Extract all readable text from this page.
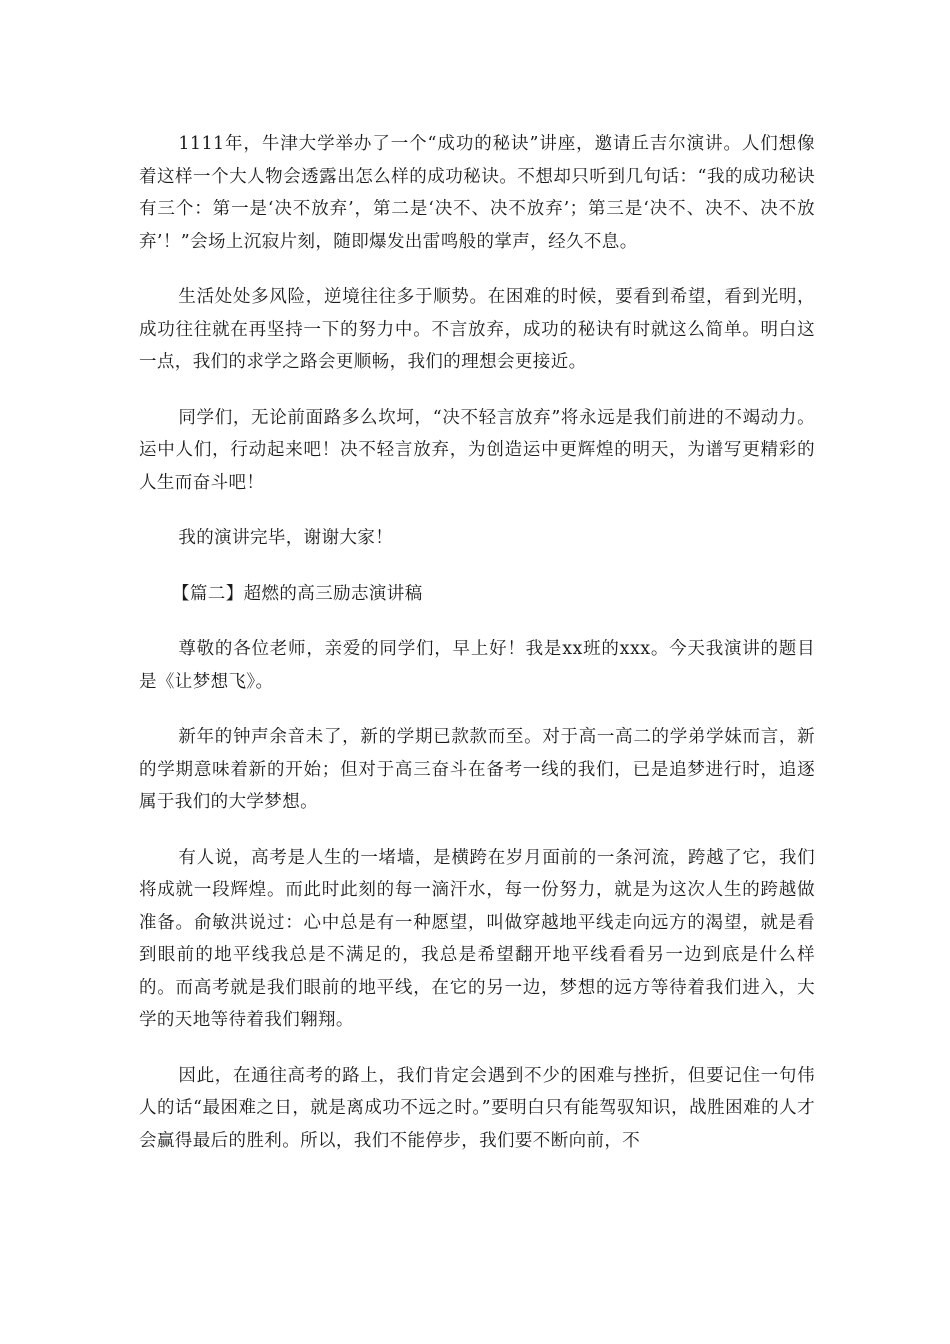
1111年，牛津大学举办了一个“成功的秘诀”讲座，邀请丘吉尔演讲。人们想像着这样一个大人物会透露出怎么样的成功秘诀。不想却只听到几句话：“我的成功秘诀有三个：第一是‘决不放弃’，第二是‘决不、决不放弃’；第三是‘决不、决不、决不放弃’！”会场上沉寂片刻，随即爆发出雷鸣般的掌声，经久不息。

生活处处多风险，逆境往往多于顺势。在困难的时候，要看到希望，看到光明，成功往往就在再坚持一下的努力中。不言放弃，成功的秘诀有时就这么简单。明白这一点，我们的求学之路会更顺畅，我们的理想会更接近。

同学们，无论前面路多么坎坷，“决不轻言放弃”将永远是我们前进的不竭动力。运中人们，行动起来吧！决不轻言放弃，为创造运中更辉煌的明天，为谱写更精彩的人生而奋斗吧！

我的演讲完毕，谢谢大家！

【篇二】超燃的高三励志演讲稿

尊敬的各位老师，亲爱的同学们，早上好！我是xx班的xxx。今天我演讲的题目是《让梦想飞》。

新年的钟声余音未了，新的学期已款款而至。对于高一高二的学弟学妹而言，新的学期意味着新的开始；但对于高三奋斗在备考一线的我们，已是追梦进行时，追逐属于我们的大学梦想。

有人说，高考是人生的一堵墙，是横跨在岁月面前的一条河流，跨越了它，我们将成就一段辉煌。而此时此刻的每一滴汗水，每一份努力，就是为这次人生的跨越做准备。俞敏洪说过：心中总是有一种愿望，叫做穿越地平线走向远方的渴望，就是看到眼前的地平线我总是不满足的，我总是希望翻开地平线看看另一边到底是什么样的。而高考就是我们眼前的地平线，在它的另一边，梦想的远方等待着我们进入，大学的天地等待着我们翱翔。

因此，在通往高考的路上，我们肯定会遇到不少的困难与挫折，但要记住一句伟人的话“最困难之日，就是离成功不远之时。”要明白只有能驾驭知识，战胜困难的人才会赢得最后的胜利。所以，我们不能停步，我们要不断向前，不
